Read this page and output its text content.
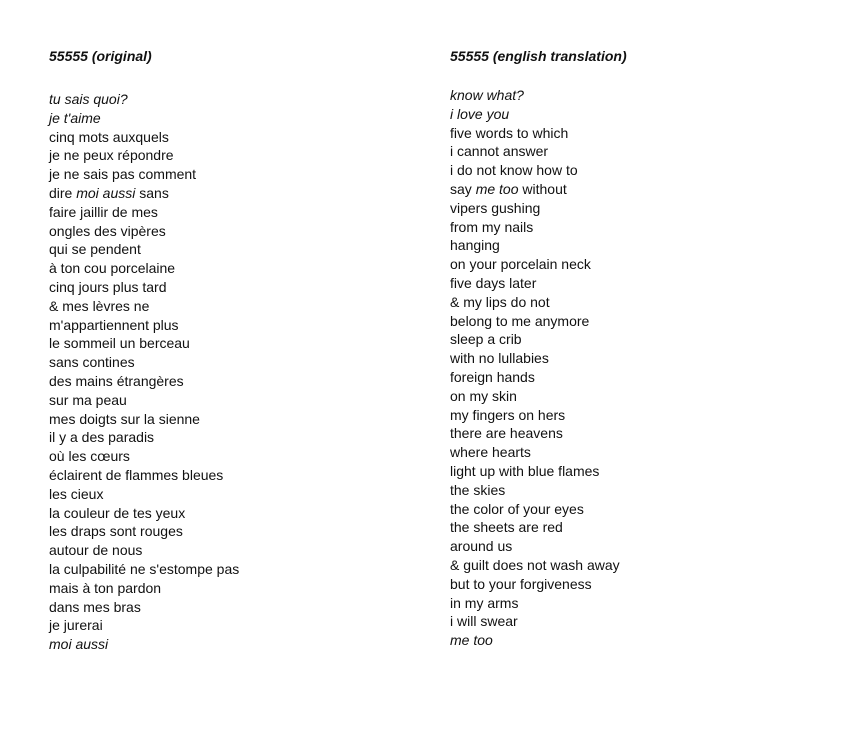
55555 (original)
tu sais quoi?
je t'aime
cinq mots auxquels
je ne peux répondre
je ne sais pas comment
dire moi aussi sans
faire jaillir de mes
ongles des vipères
qui se pendent
à ton cou porcelaine
cinq jours plus tard
& mes lèvres ne
m'appartiennent plus
le sommeil un berceau
sans contines
des mains étrangères
sur ma peau
mes doigts sur la sienne
il y a des paradis
où les cœurs
éclairent de flammes bleues
les cieux
la couleur de tes yeux
les draps sont rouges
autour de nous
la culpabilité ne s'estompe pas
mais à ton pardon
dans mes bras
je jurerai
moi aussi
55555 (english translation)
know what?
i love you
five words to which
i cannot answer
i do not know how to
say me too without
vipers gushing
from my nails
hanging
on your porcelain neck
five days later
& my lips do not
belong to me anymore
sleep a crib
with no lullabies
foreign hands
on my skin
my fingers on hers
there are heavens
where hearts
light up with blue flames
the skies
the color of your eyes
the sheets are red
around us
& guilt does not wash away
but to your forgiveness
in my arms
i will swear
me too
